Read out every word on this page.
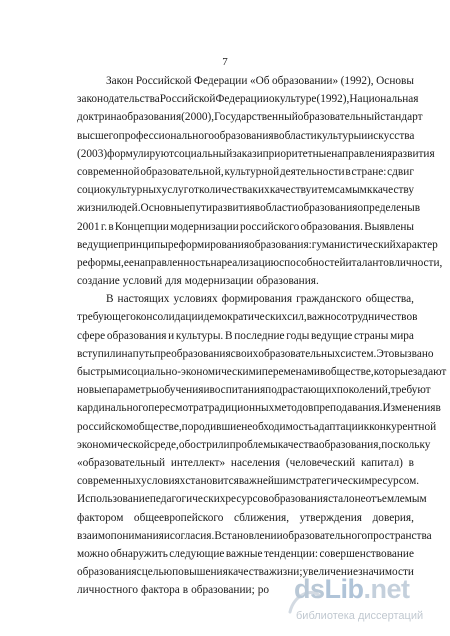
7
Закон Российской Федерации «Об образовании» (1992), Основы
законодательства Российской Федерации о культуре (1992), Национальная
доктрина образования (2000), Государственный образовательный стандарт
высшего профессионального образования в области культуры и искусства
(2003) формулируют социальный заказ и приоритетные направления развития
современной образовательной, культурной деятельности в стране: сдвиг
социокультурных услуг от количества к их качеству и тем самым к качеству
жизни людей. Основные пути развития в области образования определены в
2001 г. в Концепции модернизации российского образования. Выявлены
ведущие принципы реформирования образования: гуманистический характер
реформы, ее направленность на реализацию способностей и талантов личности,
создание условий для модернизации образования.
В настоящих условиях формирования гражданского общества,
требующего консолидации демократических сил, важно сотрудничество в
сфере образования и культуры. В последние годы ведущие страны мира
вступили на путь преобразования своих образовательных систем. Это вызвано
быстрыми социально-экономическими переменами в обществе, которые задают
новые параметры обучения и воспитания подрастающих поколений, требуют
кардинального пересмотра традиционных методов преподавания. Изменения в
российском обществе, породившие необходимость адаптации к конкурентной
экономической среде, обострили проблемы качества образования, поскольку
«образовательный интеллект» населения (человеческий капитал) в
современных условиях становится важнейшим стратегическим ресурсом.
Использование педагогических ресурсов образования стало неотъемлемым
фактором общеевропейского сближения, утверждения доверия,
взаимопонимания и согласия. В становлении образовательного пространства
можно обнаружить следующие важные тенденции: совершенствование
образования с целью повышения качества жизни; увеличение значимости
личностного фактора в образовании; ро dsLib.net
библиотека диссертаций
